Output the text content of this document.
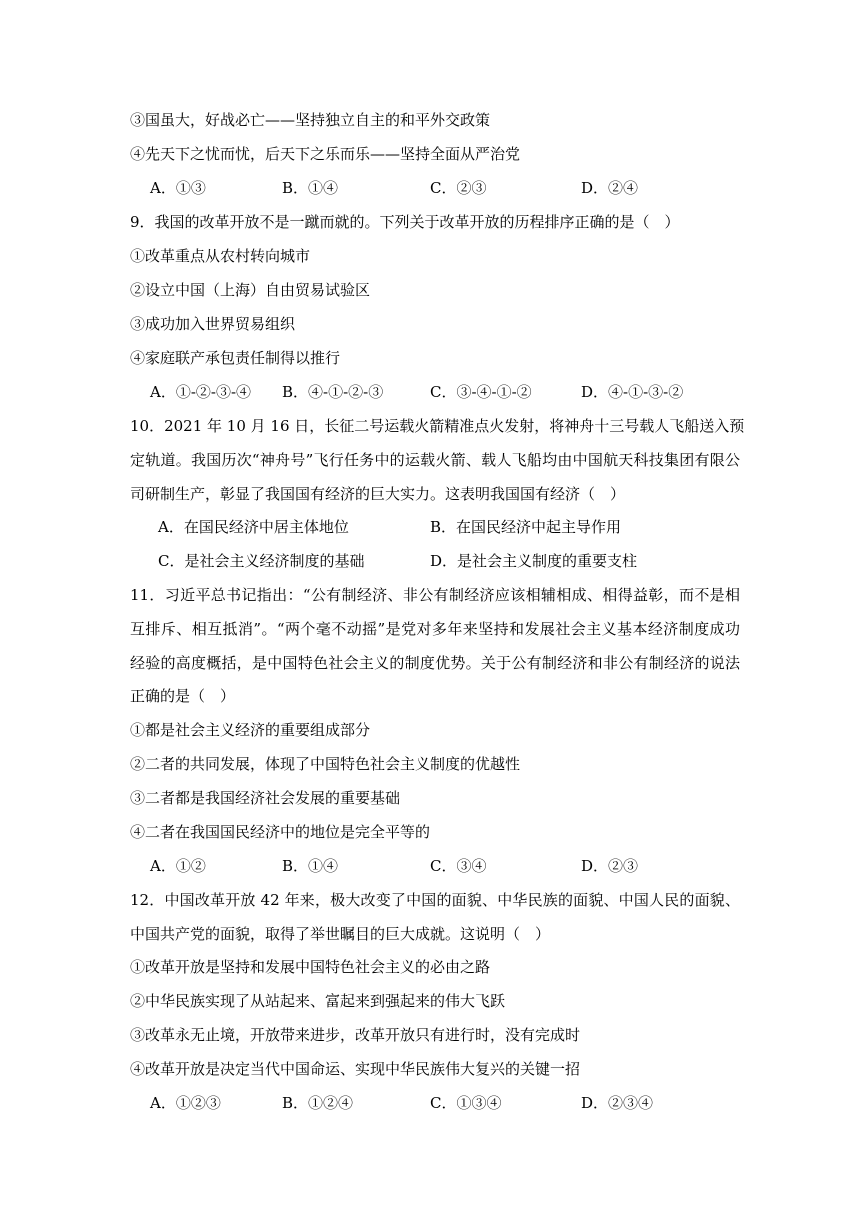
③国虽大，好战必亡——坚持独立自主的和平外交政策
④先天下之忧而忧，后天下之乐而乐——坚持全面从严治党
A．①③	B．①④	C．②③	D．②④
9．我国的改革开放不是一蹴而就的。下列关于改革开放的历程排序正确的是（　）
①改革重点从农村转向城市
②设立中国（上海）自由贸易试验区
③成功加入世界贸易组织
④家庭联产承包责任制得以推行
A．①-②-③-④ B．④-①-②-③	C．③-④-①-②	D．④-①-③-②
10．2021 年 10 月 16 日，长征二号运载火箭精准点火发射，将神舟十三号载人飞船送入预
定轨道。我国历次“神舟号”飞行任务中的运载火箭、载人飞船均由中国航天科技集团有限公
司研制生产，彰显了我国国有经济的巨大实力。这表明我国国有经济（　）
A．在国民经济中居主体地位	B．在国民经济中起主导作用
C．是社会主义经济制度的基础	D．是社会主义制度的重要支柱
11．习近平总书记指出：“公有制经济、非公有制经济应该相辅相成、相得益彰，而不是相
互排斥、相互抵消”。“两个毫不动摇”是党对多年来坚持和发展社会主义基本经济制度成功
经验的高度概括，是中国特色社会主义的制度优势。关于公有制经济和非公有制经济的说法
正确的是（　）
①都是社会主义经济的重要组成部分
②二者的共同发展，体现了中国特色社会主义制度的优越性
③二者都是我国经济社会发展的重要基础
④二者在我国国民经济中的地位是完全平等的
A．①②	B．①④	C．③④	D．②③
12．中国改革开放 42 年来，极大改变了中国的面貌、中华民族的面貌、中国人民的面貌、
中国共产党的面貌，取得了举世瞩目的巨大成就。这说明（　）
①改革开放是坚持和发展中国特色社会主义的必由之路
②中华民族实现了从站起来、富起来到强起来的伟大飞跃
③改革永无止境，开放带来进步，改革开放只有进行时，没有完成时
④改革开放是决定当代中国命运、实现中华民族伟大复兴的关键一招
A．①②③	B．①②④	C．①③④	D．②③④
